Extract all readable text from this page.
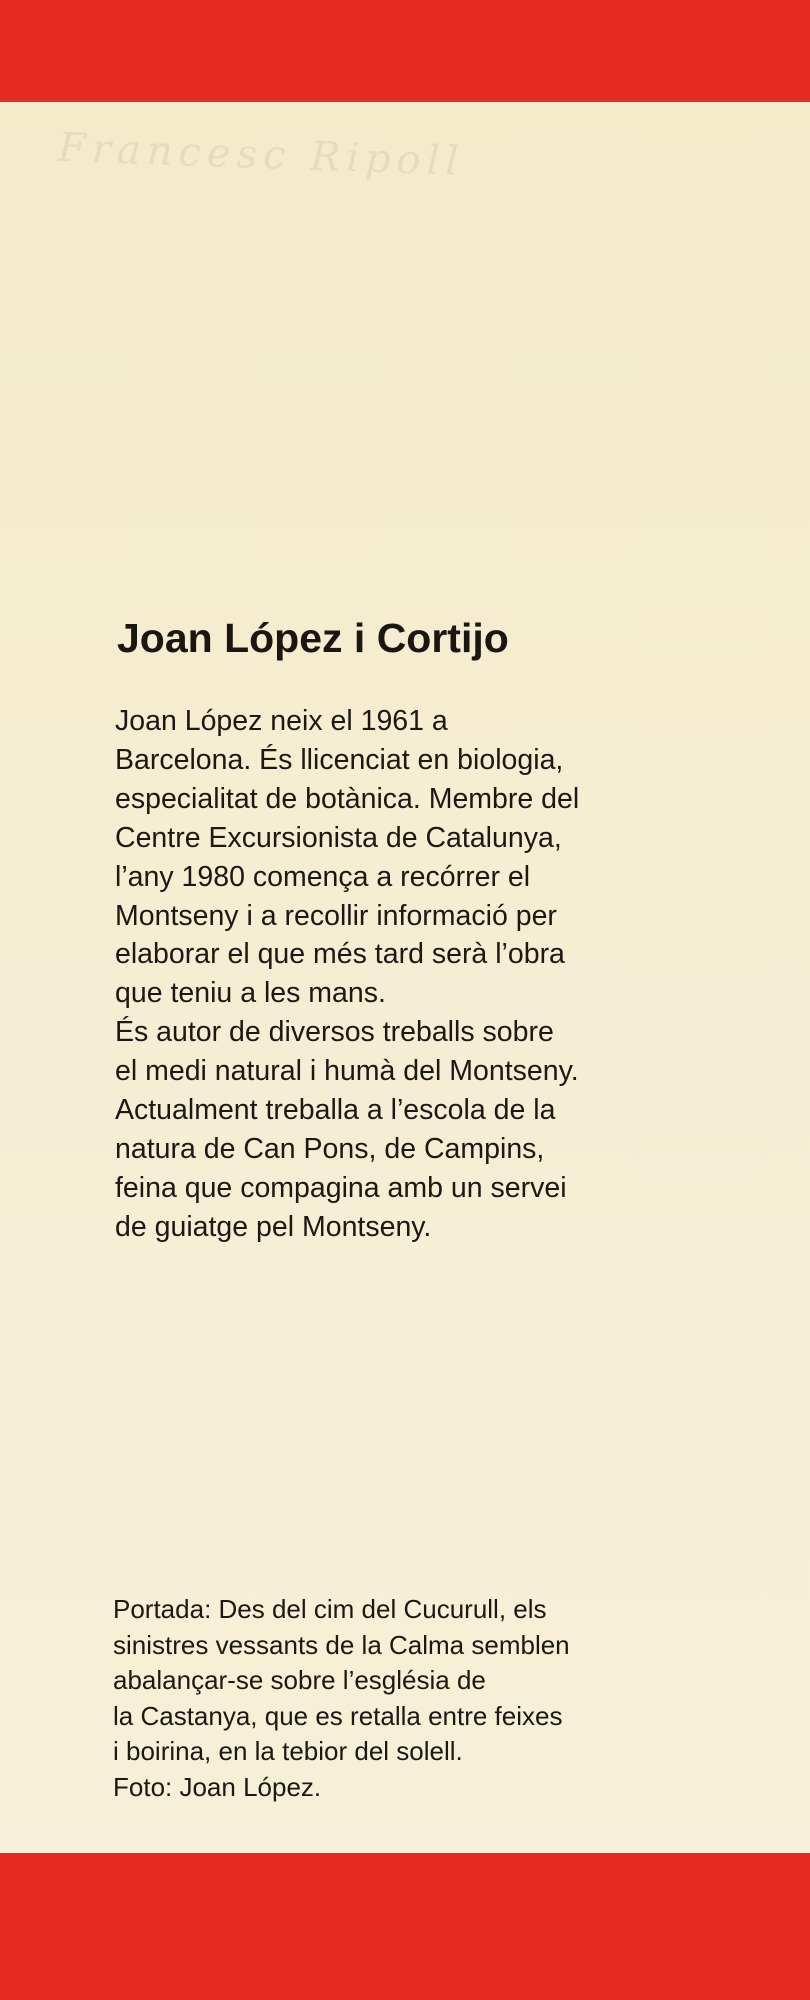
Francesc Ripoll
Joan López i Cortijo
Joan López neix el 1961 a
Barcelona. És llicenciat en biologia,
especialitat de botànica. Membre del
Centre Excursionista de Catalunya,
l’any 1980 comença a recórrer el
Montseny i a recollir informació per
elaborar el que més tard serà l’obra
que teniu a les mans.
És autor de diversos treballs sobre
el medi natural i humà del Montseny.
Actualment treballa a l’escola de la
natura de Can Pons, de Campins,
feina que compagina amb un servei
de guiatge pel Montseny.
Portada: Des del cim del Cucurull, els
sinistres vessants de la Calma semblen
abalançar-se sobre l’església de
la Castanya, que es retalla entre feixes
i boirina, en la tebior del solell.
Foto: Joan López.
